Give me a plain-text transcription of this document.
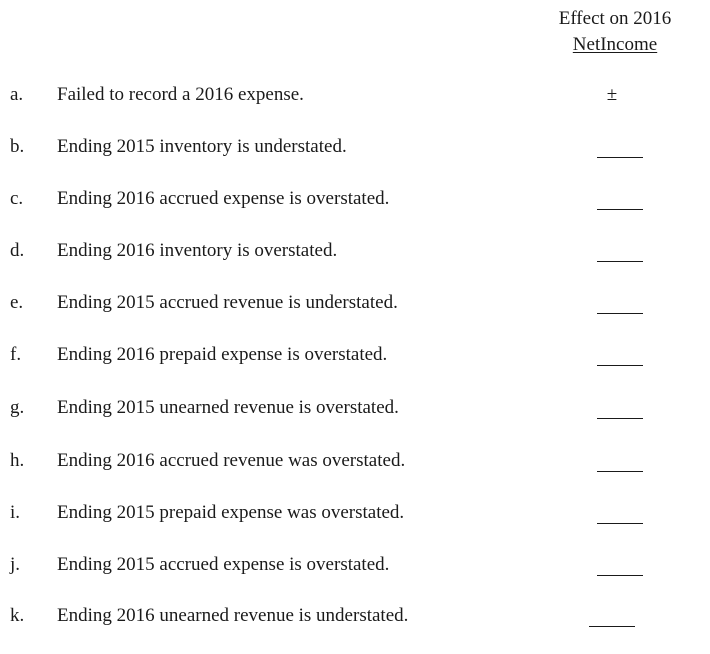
Effect on 2016
NetIncome
a. Failed to record a 2016 expense.	±
b. Ending 2015 inventory is understated.
c. Ending 2016 accrued expense is overstated.
d. Ending 2016 inventory is overstated.
e. Ending 2015 accrued revenue is understated.
f. Ending 2016 prepaid expense is overstated.
g. Ending 2015 unearned revenue is overstated.
h. Ending 2016 accrued revenue was overstated.
i. Ending 2015 prepaid expense was overstated.
j. Ending 2015 accrued expense is overstated.
k. Ending 2016 unearned revenue is understated.
